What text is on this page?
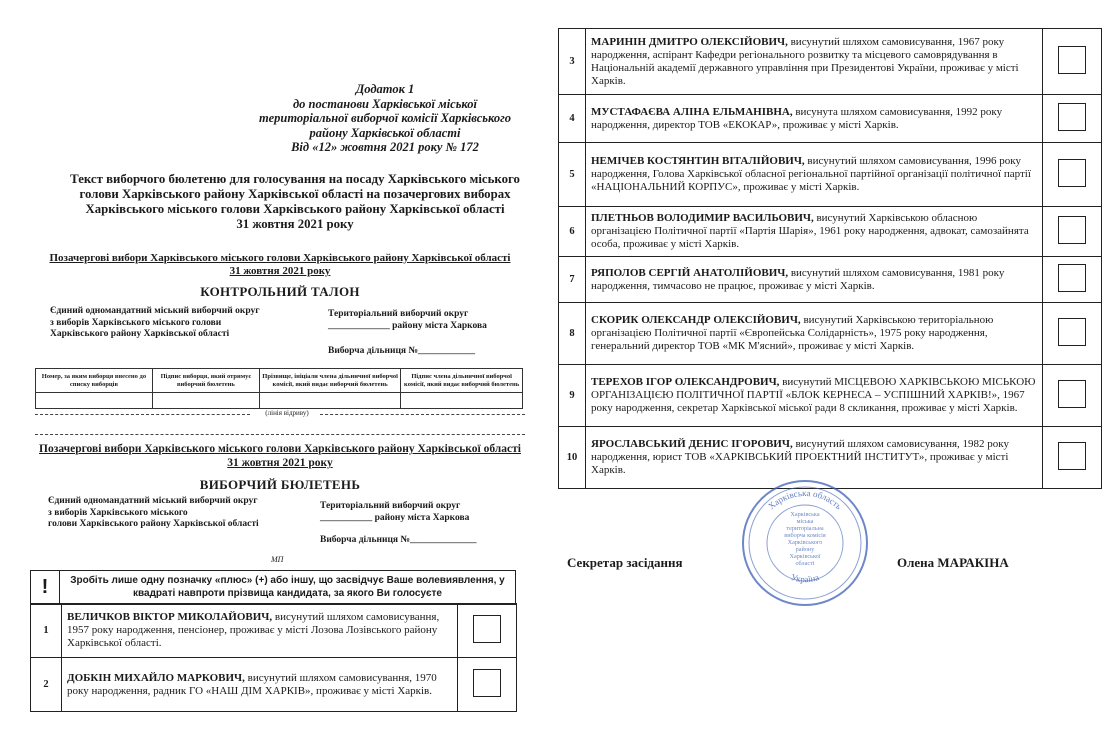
Додаток 1
до постанови Харківської міської
територіальної виборчої комісії Харківського
району Харківської області
Від «12» жовтня 2021 року № 172
Текст виборчого бюлетеню для голосування на посаду Харківського міського
голови Харківського району Харківської області на позачергових виборах
Харківського міського голови Харківського району Харківської області
31 жовтня 2021 року
Позачергові вибори Харківського міського голови Харківського району Харківської області
31 жовтня 2021 року
КОНТРОЛЬНИЙ ТАЛОН
Єдиний одномандатний міський виборчий округ
з виборів Харківського міського голови
Харківського району Харківської області
Територіальний виборчий округ
_____________ району міста Харкова
Виборча дільниця №____________
Номер, за яким виборця внесено до списку виборців	Підпис виборця, який отримує виборчий бюлетень	Прізвище, ініціали члена дільничної виборчої комісії, який видає виборчий бюлетень	Підпис члена дільничної виборчої комісії, який видає виборчий бюлетень

(лінія відриву)
Позачергові вибори Харківського міського голови Харківського району Харківської області
31 жовтня 2021 року
ВИБОРЧИЙ БЮЛЕТЕНЬ
Єдиний одномандатний міський виборчий округ
з виборів Харківського міського
голови Харківського району Харківської області
Територіальний виборчий округ
___________ району міста Харкова
Виборча дільниця №______________
МП
!	Зробіть лише одну позначку «плюс» (+) або іншу, що засвідчує Ваше волевиявлення, у квадраті навпроти прізвища кандидата, за якого Ви голосуєте
1	ВЕЛИЧКОВ ВІКТОР МИКОЛАЙОВИЧ, висунутий шляхом самовисування, 1957 року народження, пенсіонер, проживає у місті Лозова Лозівського району Харківської області.	
2	ДОБКІН МИХАЙЛО МАРКОВИЧ, висунутий шляхом самовисування, 1970 року народження, радник ГО «НАШ ДІМ ХАРКІВ», проживає у місті Харків.	
3	МАРИНІН ДМИТРО ОЛЕКСІЙОВИЧ, висунутий шляхом самовисування, 1967 року народження, аспірант Кафедри регіонального розвитку та місцевого самоврядування в Національній академії державного управління при Президентові України, проживає у місті Харків.	
4	МУСТАФАЄВА АЛІНА ЕЛЬМАНІВНА, висунута шляхом самовисування, 1992 року народження, директор ТОВ «ЕКОКАР», проживає у місті Харків.	
5	НЕМІЧЕВ КОСТЯНТИН ВІТАЛІЙОВИЧ, висунутий шляхом самовисування, 1996 року народження, Голова Харківської обласної регіональної партійної організації політичної партії «НАЦІОНАЛЬНИЙ КОРПУС», проживає у місті Харків.	
6	ПЛЕТНЬОВ ВОЛОДИМИР ВАСИЛЬОВИЧ, висунутий Харківською обласною організацією Політичної партії «Партія Шарія», 1961 року народження, адвокат, самозайнята особа, проживає у місті Харків.	
7	РЯПОЛОВ СЕРГІЙ АНАТОЛІЙОВИЧ, висунутий шляхом самовисування, 1981 року народження, тимчасово не працює, проживає у місті Харків.	
8	СКОРИК ОЛЕКСАНДР ОЛЕКСІЙОВИЧ, висунутий Харківською територіальною організацією Політичної партії «Європейська Солідарність», 1975 року народження, генеральний директор ТОВ «МК М'ясний», проживає у місті Харків.	
9	ТЕРЕХОВ ІГОР ОЛЕКСАНДРОВИЧ, висунутий МІСЦЕВОЮ ХАРКІВСЬКОЮ МІСЬКОЮ ОРГАНІЗАЦІЄЮ ПОЛІТИЧНОЇ ПАРТІЇ «БЛОК КЕРНЕСА – УСПІШНИЙ ХАРКІВ!», 1967 року народження, секретар Харківської міської ради 8 скликання, проживає у місті Харків.	
10	ЯРОСЛАВСЬКИЙ ДЕНИС ІГОРОВИЧ, висунутий шляхом самовисування, 1982 року народження, юрист ТОВ «ХАРКІВСЬКИЙ ПРОЕКТНИЙ ІНСТИТУТ», проживає у місті Харків.	
Секретар засідання	Олена МАРАКІНА
Харківська область
Україна
Харківська
міська
територіальна
виборча комісія
Харківського
району
Харківської
області
